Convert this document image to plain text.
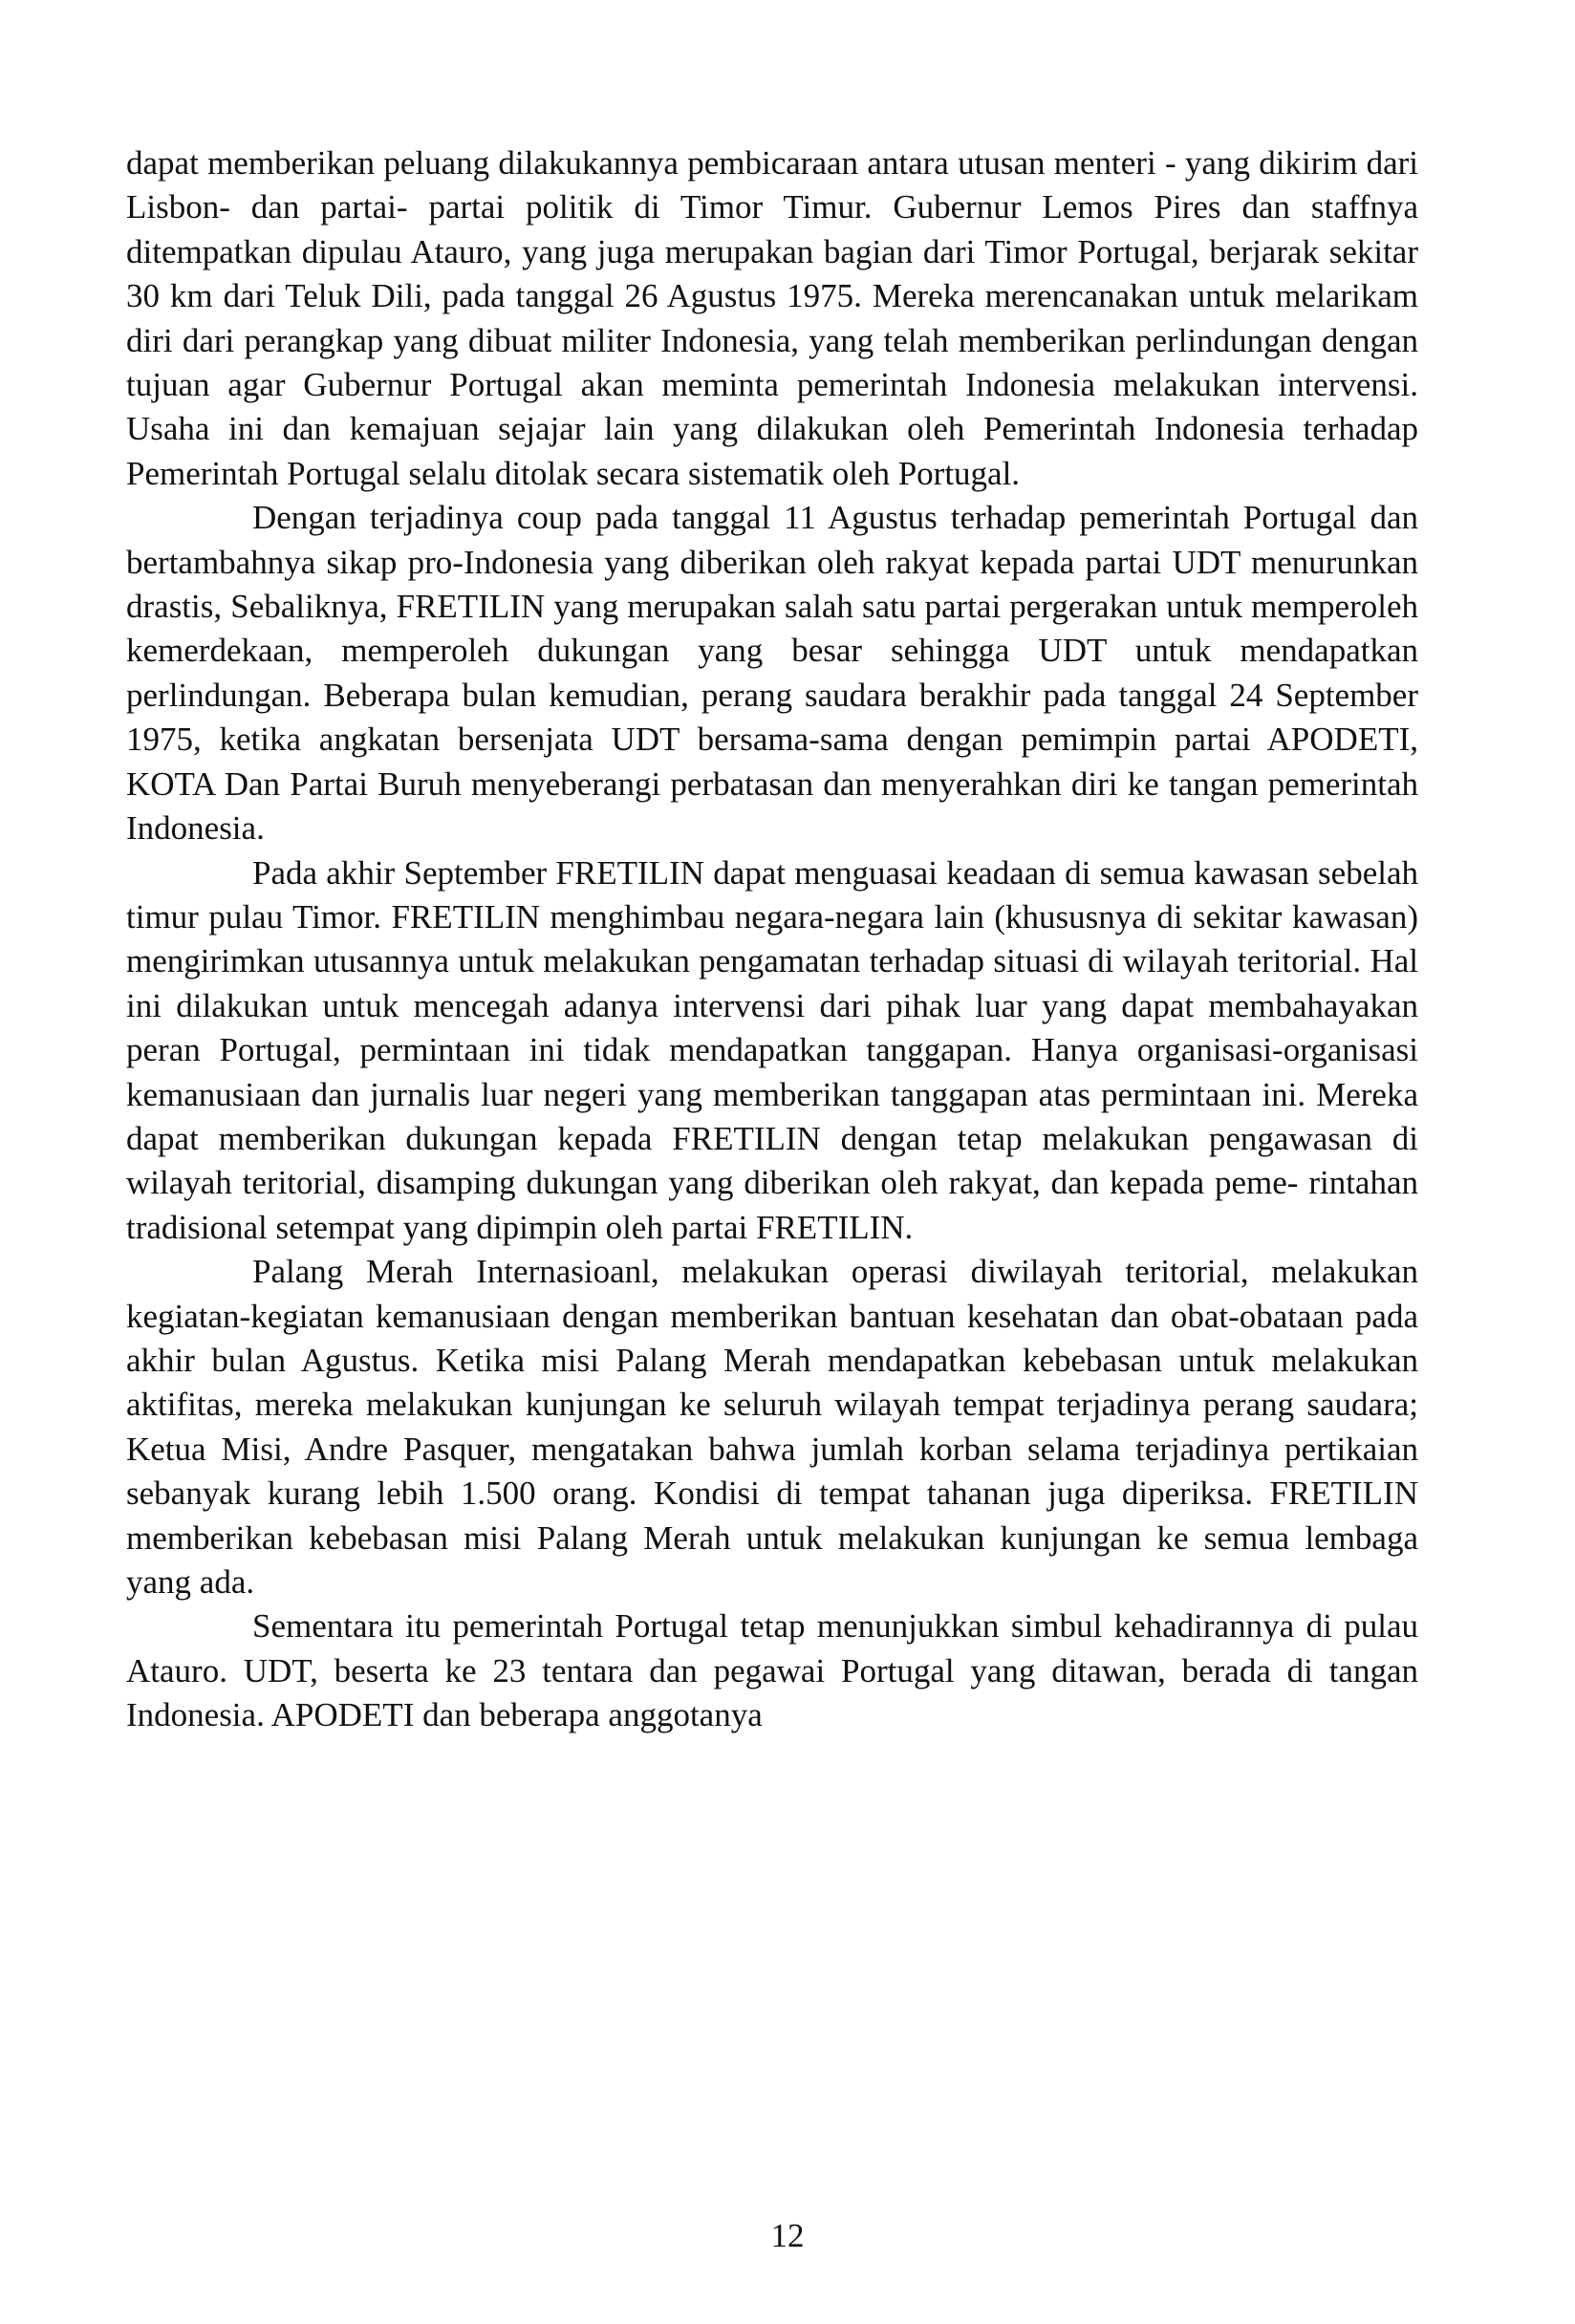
dapat memberikan peluang dilakukannya pembicaraan antara utusan menteri - yang dikirim dari Lisbon- dan partai- partai politik di Timor Timur. Gubernur Lemos Pires dan staffnya ditempatkan dipulau Atauro, yang juga merupakan bagian dari Timor Portugal, berjarak sekitar 30 km dari Teluk Dili, pada tanggal 26 Agustus 1975. Mereka merencanakan untuk melarikam diri dari perangkap yang dibuat militer Indonesia, yang telah memberikan perlindungan dengan tujuan agar Gubernur Portugal akan meminta pemerintah Indonesia melakukan intervensi. Usaha ini dan kemajuan sejajar lain yang dilakukan oleh Pemerintah Indonesia terhadap Pemerintah Portugal selalu ditolak secara sistematik oleh Portugal.

Dengan terjadinya coup pada tanggal 11 Agustus terhadap pemerintah Portugal dan bertambahnya sikap pro-Indonesia yang diberikan oleh rakyat kepada partai UDT menurunkan drastis, Sebaliknya, FRETILIN yang merupakan salah satu partai pergerakan untuk memperoleh kemerdekaan, memperoleh dukungan yang besar sehingga UDT untuk mendapatkan perlindungan. Beberapa bulan kemudian, perang saudara berakhir pada tanggal 24 September 1975, ketika angkatan bersenjata UDT bersama-sama dengan pemimpin partai APODETI, KOTA Dan Partai Buruh menyeberangi perbatasan dan menyerahkan diri ke tangan pemerintah Indonesia.

Pada akhir September FRETILIN dapat menguasai keadaan di semua kawasan sebelah timur pulau Timor. FRETILIN menghimbau negara-negara lain (khususnya di sekitar kawasan) mengirimkan utusannya untuk melakukan pengamatan terhadap situasi di wilayah teritorial. Hal ini dilakukan untuk mencegah adanya intervensi dari pihak luar yang dapat membahayakan peran Portugal, permintaan ini tidak mendapatkan tanggapan. Hanya organisasi-organisasi kemanusiaan dan jurnalis luar negeri yang memberikan tanggapan atas permintaan ini. Mereka dapat memberikan dukungan kepada FRETILIN dengan tetap melakukan pengawasan di wilayah teritorial, disamping dukungan yang diberikan oleh rakyat, dan kepada peme- rintahan tradisional setempat yang dipimpin oleh partai FRETILIN.

Palang Merah Internasioanl, melakukan operasi diwilayah teritorial, melakukan kegiatan-kegiatan kemanusiaan dengan memberikan bantuan kesehatan dan obat-obataan pada akhir bulan Agustus. Ketika misi Palang Merah mendapatkan kebebasan untuk melakukan aktifitas, mereka melakukan kunjungan ke seluruh wilayah tempat terjadinya perang saudara; Ketua Misi, Andre Pasquer, mengatakan bahwa jumlah korban selama terjadinya pertikaian sebanyak kurang lebih 1.500 orang. Kondisi di tempat tahanan juga diperiksa. FRETILIN memberikan kebebasan misi Palang Merah untuk melakukan kunjungan ke semua lembaga yang ada.

Sementara itu pemerintah Portugal tetap menunjukkan simbul kehadirannya di pulau Atauro. UDT, beserta ke 23 tentara dan pegawai Portugal yang ditawan, berada di tangan Indonesia. APODETI dan beberapa anggotanya

12
